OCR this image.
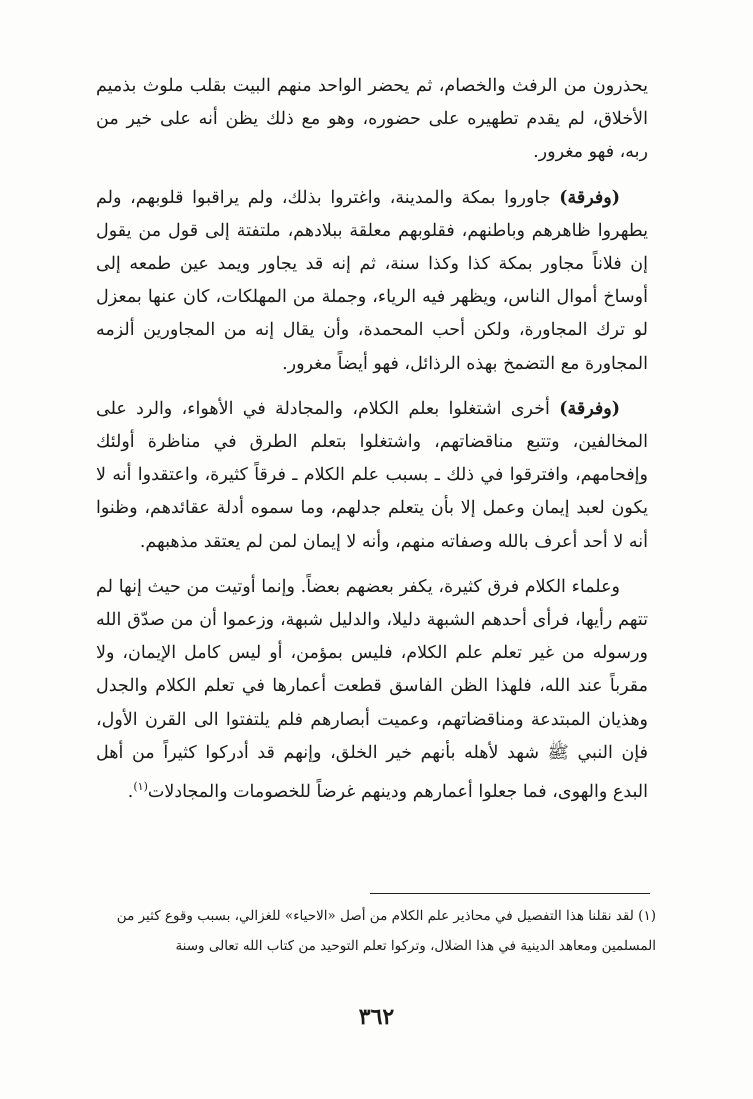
يحذرون من الرفث والخصام، ثم يحضر الواحد منهم البيت بقلب ملوث بذميم الأخلاق، لم يقدم تطهيره على حضوره، وهو مع ذلك يظن أنه على خير من ربه، فهو مغرور.

(وفرقة) جاوروا بمكة والمدينة، واغتروا بذلك، ولم يراقبوا قلوبهم، ولم يطهروا ظاهرهم وباطنهم، فقلوبهم معلقة ببلادهم، ملتفتة إلى قول من يقول إن فلاناً مجاور بمكة كذا وكذا سنة، ثم إنه قد يجاور ويمد عين طمعه إلى أوساخ أموال الناس، ويظهر فيه الرياء، وجملة من المهلكات، كان عنها بمعزل لو ترك المجاورة، ولكن أحب المحمدة، وأن يقال إنه من المجاورين ألزمه المجاورة مع التضمخ بهذه الرذائل، فهو أيضاً مغرور.

(وفرقة) أخرى اشتغلوا بعلم الكلام، والمجادلة في الأهواء، والرد على المخالفين، وتتبع مناقضاتهم، واشتغلوا بتعلم الطرق في مناظرة أولئك وإفحامهم، وافترقوا في ذلك ـ بسبب علم الكلام ـ فرقاً كثيرة، واعتقدوا أنه لا يكون لعبد إيمان وعمل إلا بأن يتعلم جدلهم، وما سموه أدلة عقائدهم، وظنوا أنه لا أحد أعرف بالله وصفاته منهم، وأنه لا إيمان لمن لم يعتقد مذهبهم.

وعلماء الكلام فرق كثيرة، يكفر بعضهم بعضاً. وإنما أوتيت من حيث إنها لم تتهم رأيها، فرأى أحدهم الشبهة دليلا، والدليل شبهة، وزعموا أن من صدّق الله ورسوله من غير تعلم علم الكلام، فليس بمؤمن، أو ليس كامل الإيمان، ولا مقرباً عند الله، فلهذا الظن الفاسق قطعت أعمارها في تعلم الكلام والجدل وهذيان المبتدعة ومناقضاتهم، وعميت أبصارهم فلم يلتفتوا الى القرن الأول، فإن النبي ﷺ شهد لأهله بأنهم خير الخلق، وإنهم قد أدركوا كثيراً من أهل البدع والهوى، فما جعلوا أعمارهم ودينهم غرضاً للخصومات والمجادلات$^{(١)}$.

(١) لقد نقلنا هذا التفصيل في محاذير علم الكلام من أصل «الاحياء» للغزالي، بسبب وقوع كثير من المسلمين ومعاهد الدينية في هذا الضلال، وتركوا تعلم التوحيد من كتاب الله تعالى وسنة
٣٦٢
